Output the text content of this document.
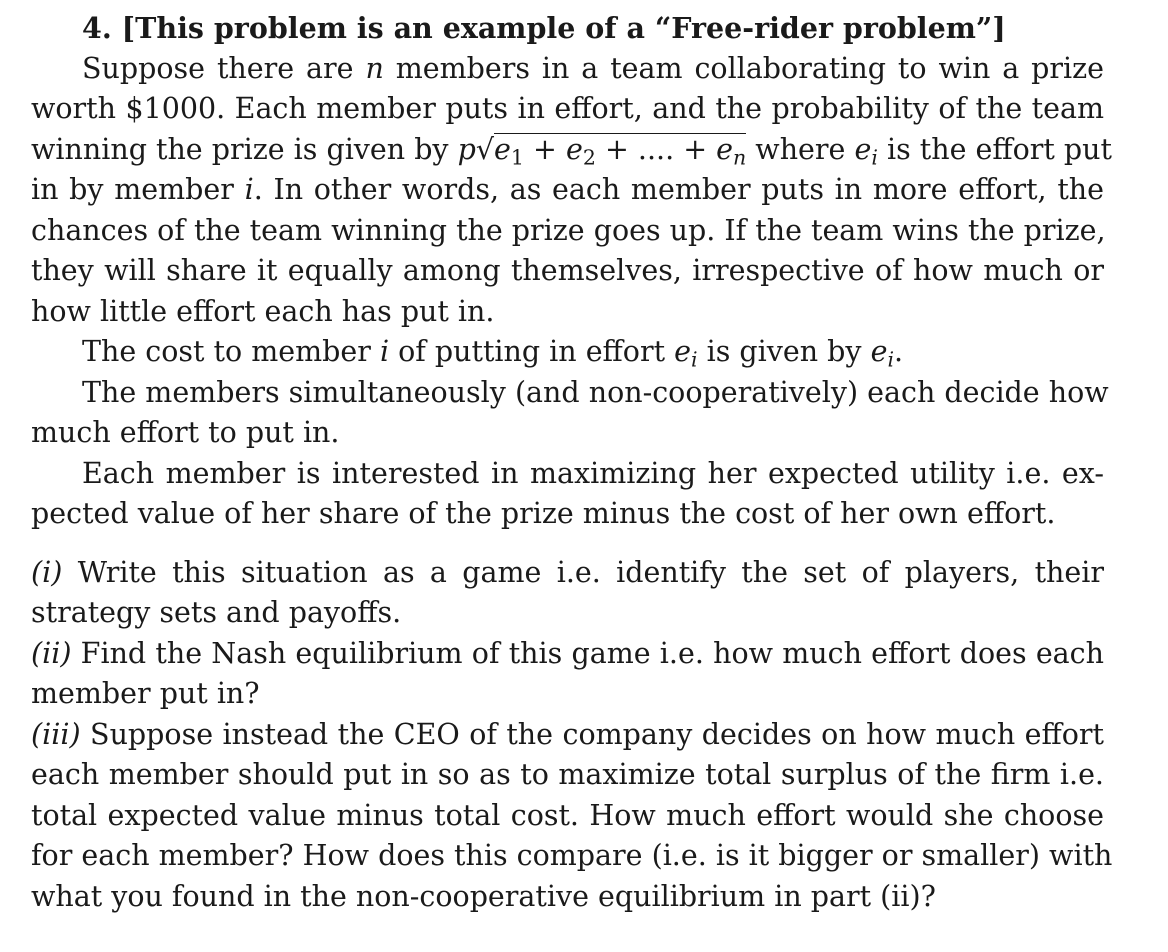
4. [This problem is an example of a “Free-rider problem”]
Suppose there are n members in a team collaborating to win a prize
worth $1000. Each member puts in effort, and the probability of the team
winning the prize is given by $p√e_1 + e_2$ + .... + $e_n$ where $e_i$ is the effort put
in by member i. In other words, as each member puts in more effort, the
chances of the team winning the prize goes up. If the team wins the prize,
they will share it equally among themselves, irrespective of how much or
how little effort each has put in.
The cost to member i of putting in effort $e_i$ is given by $e_i$.
The members simultaneously (and non-cooperatively) each decide how
much effort to put in.
Each member is interested in maximizing her expected utility i.e. ex-
pected value of her share of the prize minus the cost of her own effort.
(i) Write this situation as a game i.e. identify the set of players, their
strategy sets and payoffs.
(ii) Find the Nash equilibrium of this game i.e. how much effort does each
member put in?
(iii) Suppose instead the CEO of the company decides on how much effort
each member should put in so as to maximize total surplus of the firm i.e.
total expected value minus total cost. How much effort would she choose
for each member? How does this compare (i.e. is it bigger or smaller) with
what you found in the non-cooperative equilibrium in part (ii)?
